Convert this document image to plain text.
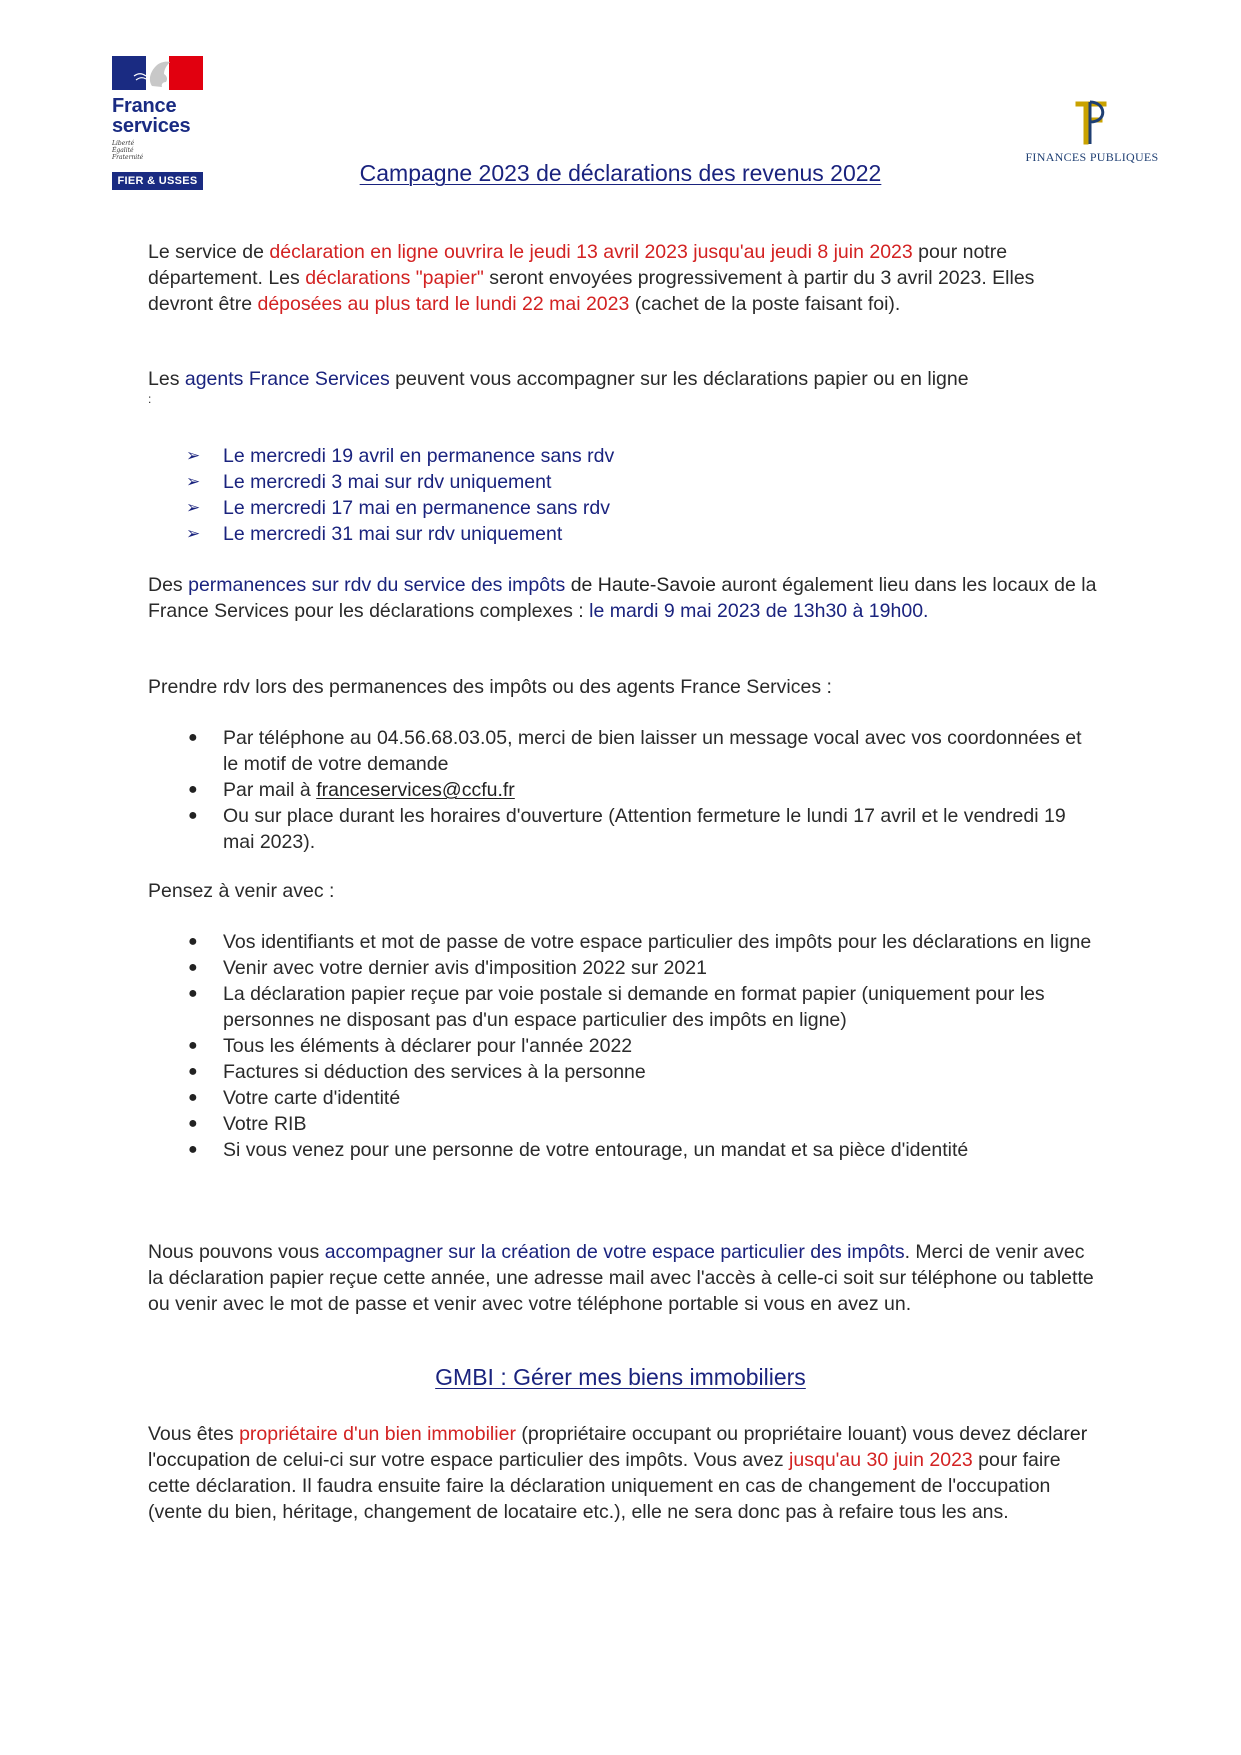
France
services
Liberté
Égalité
Fraternité
FIER & USSES
FINANCES PUBLIQUES
Campagne 2023 de déclarations des revenus 2022

Le service de déclaration en ligne ouvrira le jeudi 13 avril 2023 jusqu'au jeudi 8 juin 2023 pour notre département. Les déclarations "papier" seront envoyées progressivement à partir du 3 avril 2023. Elles devront être déposées au plus tard le lundi 22 mai 2023 (cachet de la poste faisant foi).

Les agents France Services peuvent vous accompagner sur les déclarations papier ou en ligne

:

➢ Le mercredi 19 avril en permanence sans rdv
➢ Le mercredi 3 mai sur rdv uniquement
➢ Le mercredi 17 mai en permanence sans rdv
➢ Le mercredi 31 mai sur rdv uniquement

Des permanences sur rdv du service des impôts de Haute-Savoie auront également lieu dans les locaux de la France Services pour les déclarations complexes : le mardi 9 mai 2023 de 13h30 à 19h00.

Prendre rdv lors des permanences des impôts ou des agents France Services :

● Par téléphone au 04.56.68.03.05, merci de bien laisser un message vocal avec vos coordonnées et le motif de votre demande
● Par mail à franceservices@ccfu.fr
● Ou sur place durant les horaires d'ouverture (Attention fermeture le lundi 17 avril et le vendredi 19 mai 2023).

Pensez à venir avec :

● Vos identifiants et mot de passe de votre espace particulier des impôts pour les déclarations en ligne
● Venir avec votre dernier avis d'imposition 2022 sur 2021
● La déclaration papier reçue par voie postale si demande en format papier (uniquement pour les personnes ne disposant pas d'un espace particulier des impôts en ligne)
● Tous les éléments à déclarer pour l'année 2022
● Factures si déduction des services à la personne
● Votre carte d'identité
● Votre RIB
● Si vous venez pour une personne de votre entourage, un mandat et sa pièce d'identité

Nous pouvons vous accompagner sur la création de votre espace particulier des impôts. Merci de venir avec la déclaration papier reçue cette année, une adresse mail avec l'accès à celle-ci soit sur téléphone ou tablette ou venir avec le mot de passe et venir avec votre téléphone portable si vous en avez un.

GMBI : Gérer mes biens immobiliers

Vous êtes propriétaire d'un bien immobilier (propriétaire occupant ou propriétaire louant) vous devez déclarer l'occupation de celui-ci sur votre espace particulier des impôts. Vous avez jusqu'au 30 juin 2023 pour faire cette déclaration. Il faudra ensuite faire la déclaration uniquement en cas de changement de l'occupation (vente du bien, héritage, changement de locataire etc.), elle ne sera donc pas à refaire tous les ans.
